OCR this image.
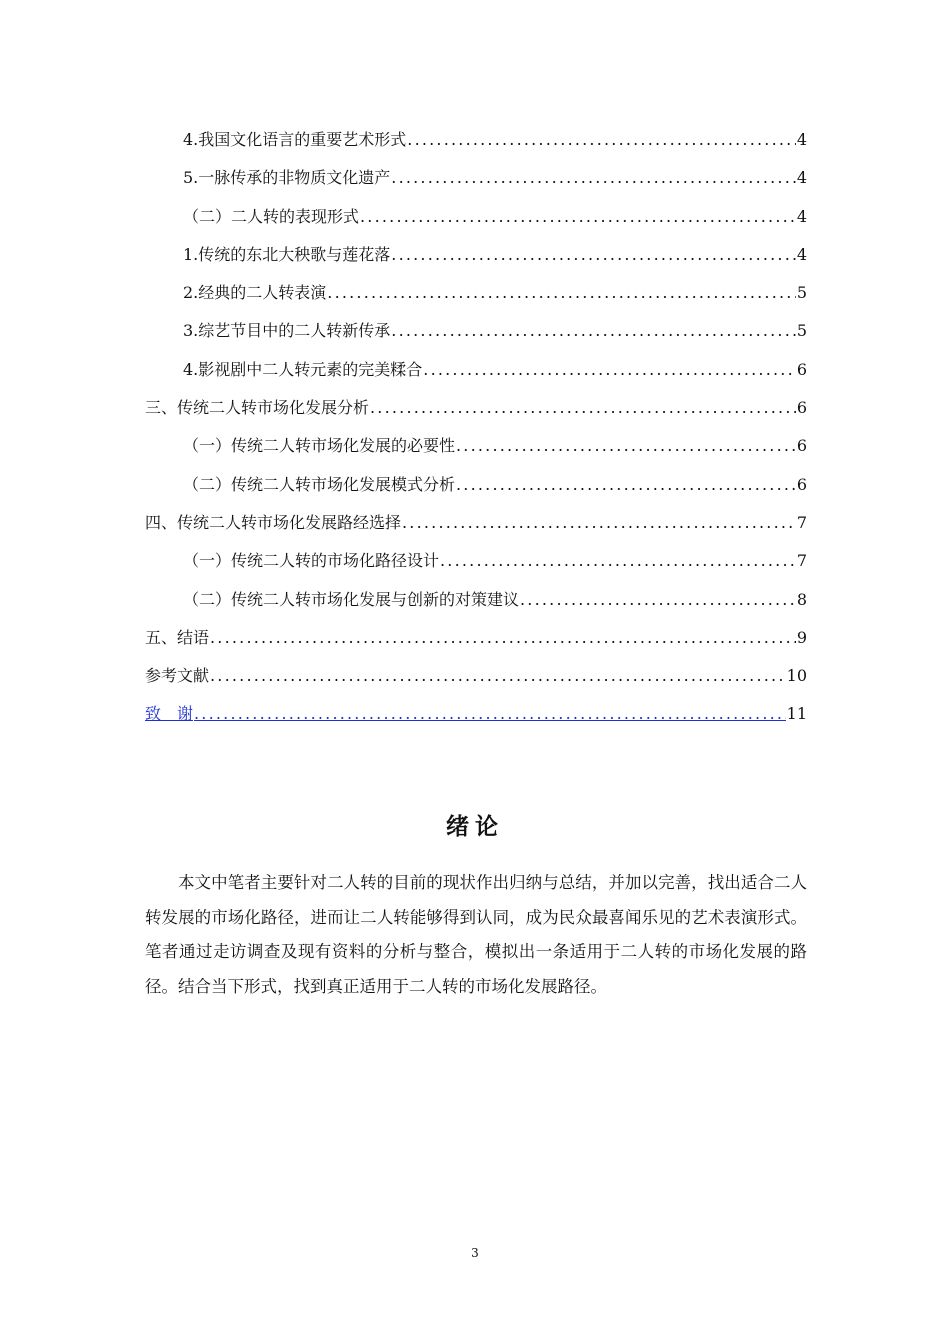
4.我国文化语言的重要艺术形式 .....	4
5.一脉传承的非物质文化遗产 .....	4
（二）二人转的表现形式 .....	4
1.传统的东北大秧歌与莲花落 .....	4
2.经典的二人转表演 .....	5
3.综艺节目中的二人转新传承 .....	5
4.影视剧中二人转元素的完美糅合 .....	6
三、传统二人转市场化发展分析 .....	6
（一）传统二人转市场化发展的必要性 .....	6
（二）传统二人转市场化发展模式分析 .....	6
四、传统二人转市场化发展路经选择 .....	7
（一）传统二人转的市场化路径设计 .....	7
（二）传统二人转市场化发展与创新的对策建议 .....	8
五、结语 .....	9
参考文献 .....	10
致　谢 .....	11
绪论
本文中笔者主要针对二人转的目前的现状作出归纳与总结，并加以完善，找出适合二人转发展的市场化路径，进而让二人转能够得到认同，成为民众最喜闻乐见的艺术表演形式。笔者通过走访调查及现有资料的分析与整合，模拟出一条适用于二人转的市场化发展的路径。结合当下形式，找到真正适用于二人转的市场化发展路径。
3
